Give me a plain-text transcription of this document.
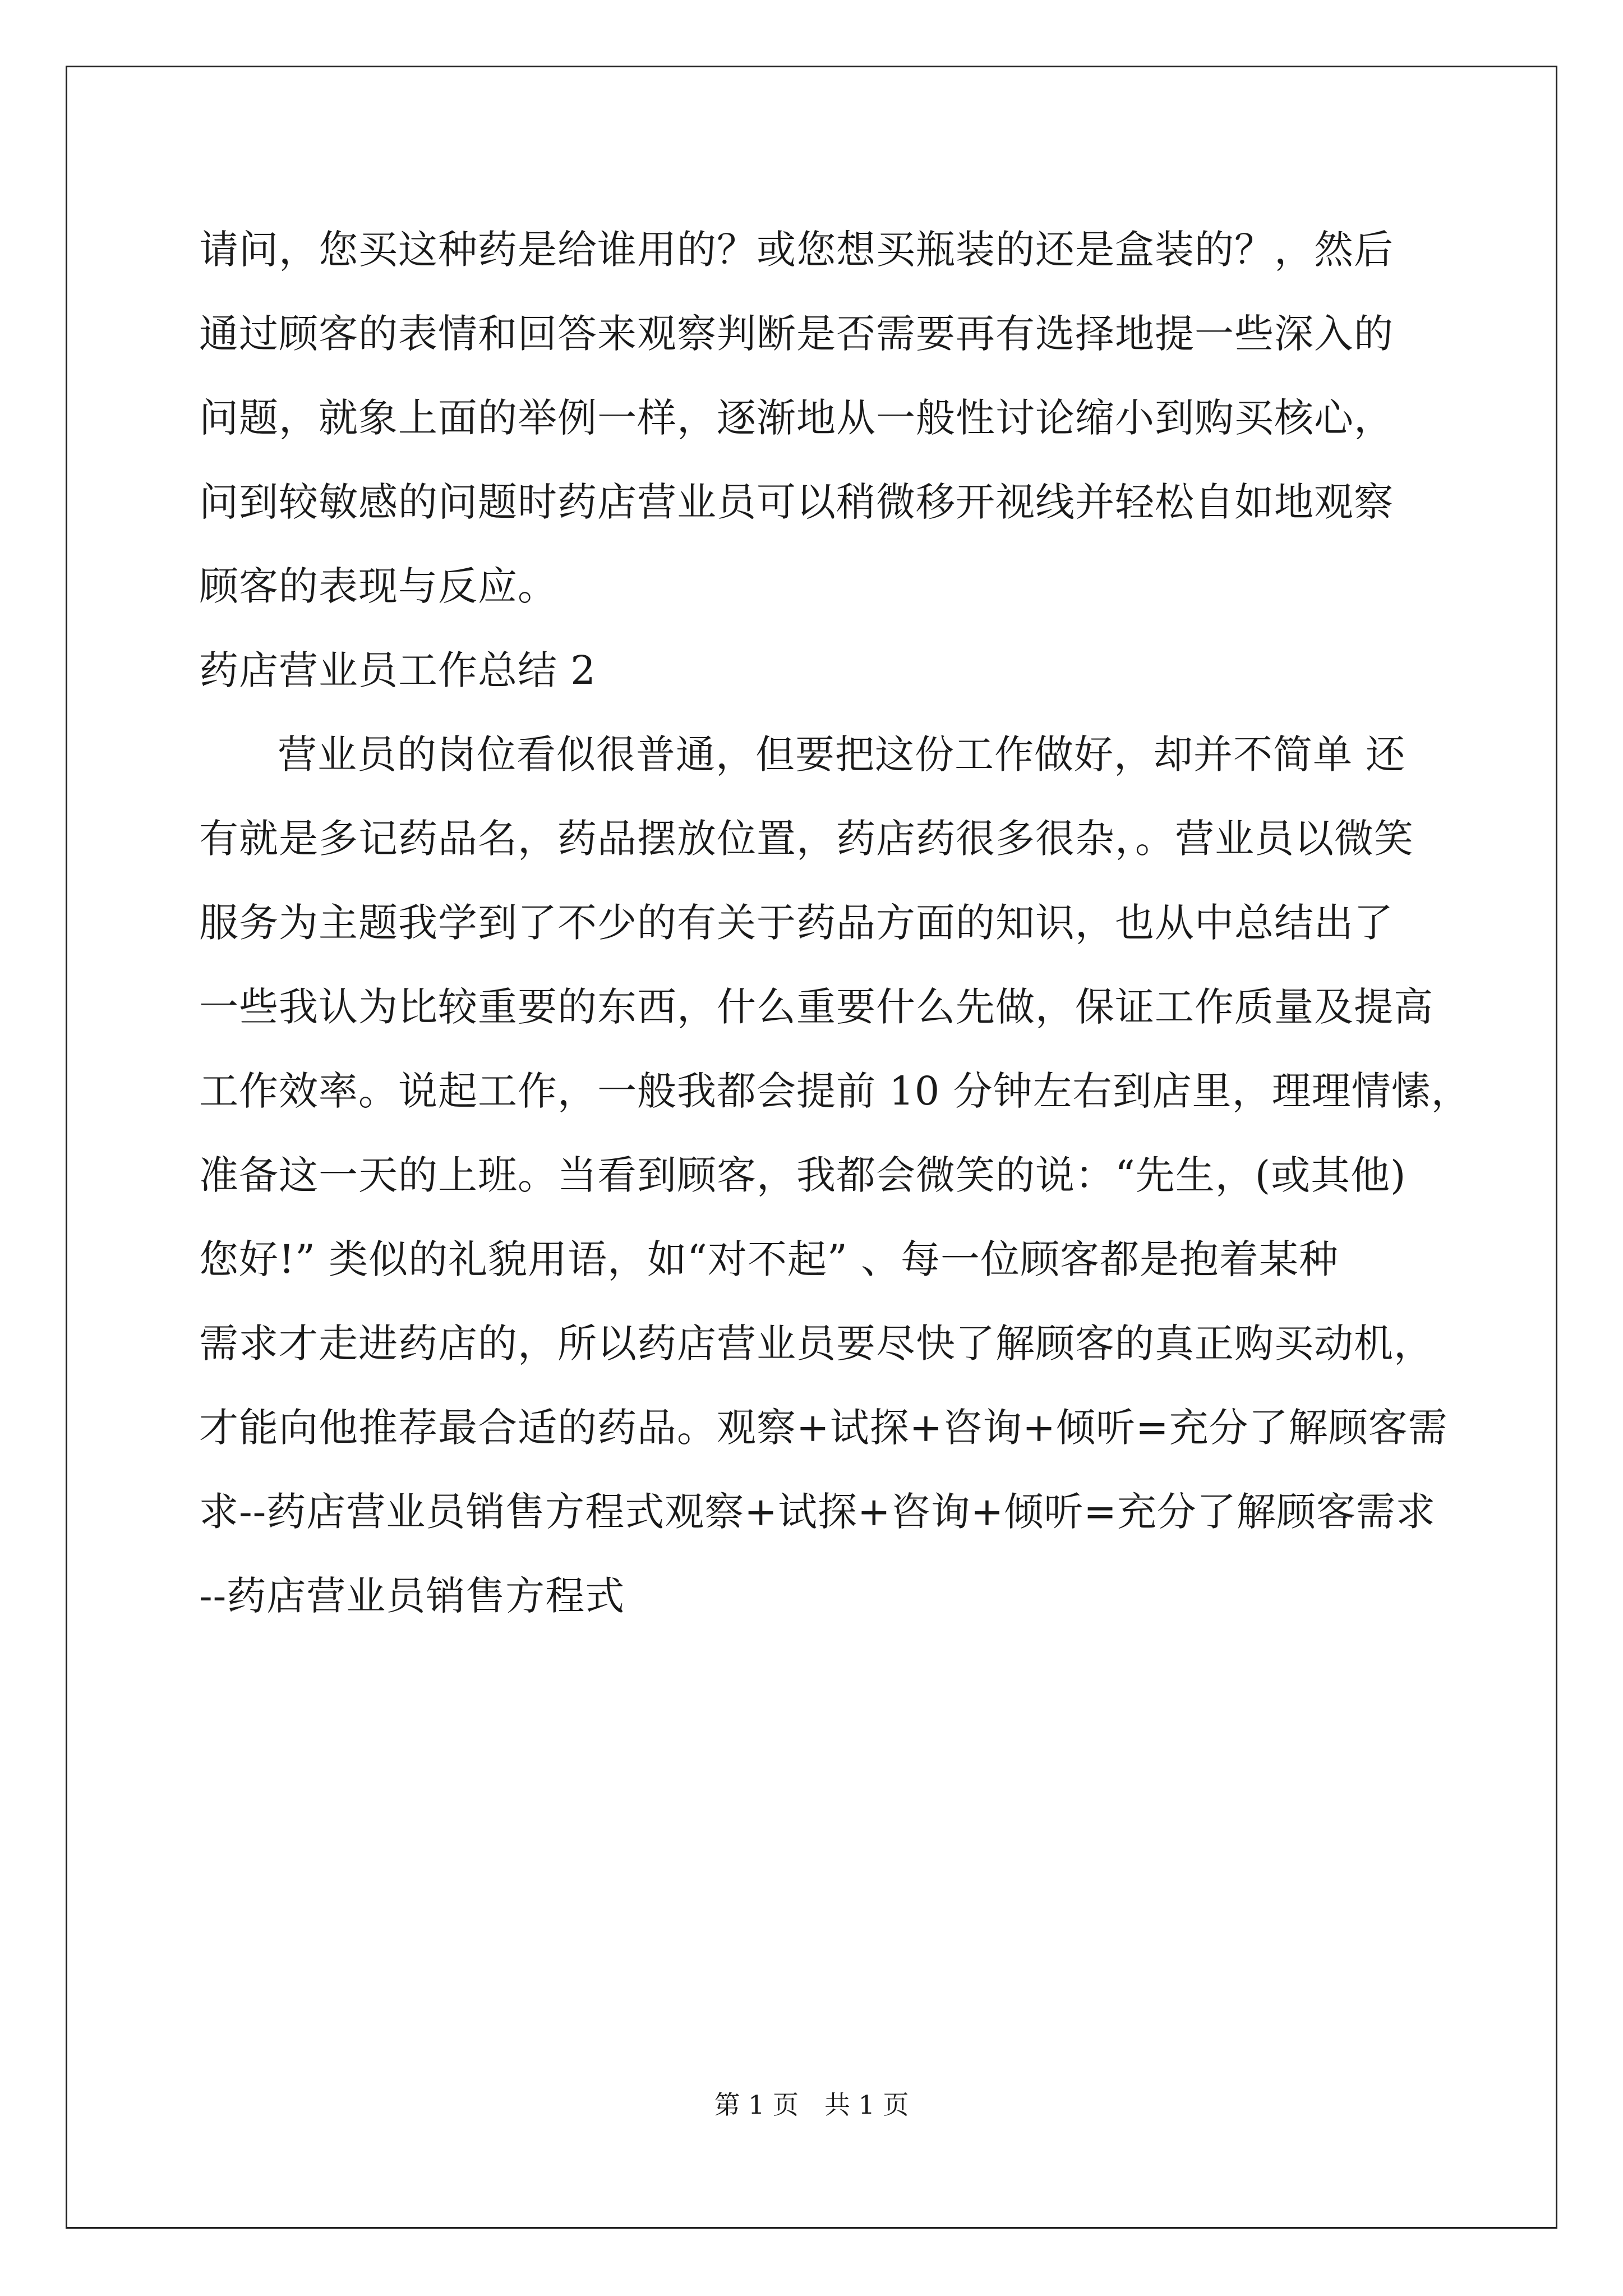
请问，您买这种药是给谁用的？或您想买瓶装的还是盒装的？，然后
通过顾客的表情和回答来观察判断是否需要再有选择地提一些深入的
问题，就象上面的举例一样，逐渐地从一般性讨论缩小到购买核心，
问到较敏感的问题时药店营业员可以稍微移开视线并轻松自如地观察
顾客的表现与反应。
药店营业员工作总结 2
营业员的岗位看似很普通，但要把这份工作做好，却并不简单 还
有就是多记药品名，药品摆放位置，药店药很多很杂，。营业员以微笑
服务为主题我学到了不少的有关于药品方面的知识，也从中总结出了
一些我认为比较重要的东西，什么重要什么先做，保证工作质量及提高
工作效率。说起工作，一般我都会提前 10 分钟左右到店里，理理情愫，
准备这一天的上班。当看到顾客，我都会微笑的说：“先生，(或其他)
您好!” 类似的礼貌用语，如“对不起” 、每一位顾客都是抱着某种
需求才走进药店的，所以药店营业员要尽快了解顾客的真正购买动机，
才能向他推荐最合适的药品。观察+试探+咨询+倾听=充分了解顾客需
求--药店营业员销售方程式观察+试探+咨询+倾听=充分了解顾客需求
--药店营业员销售方程式
第 1 页　共 1 页
